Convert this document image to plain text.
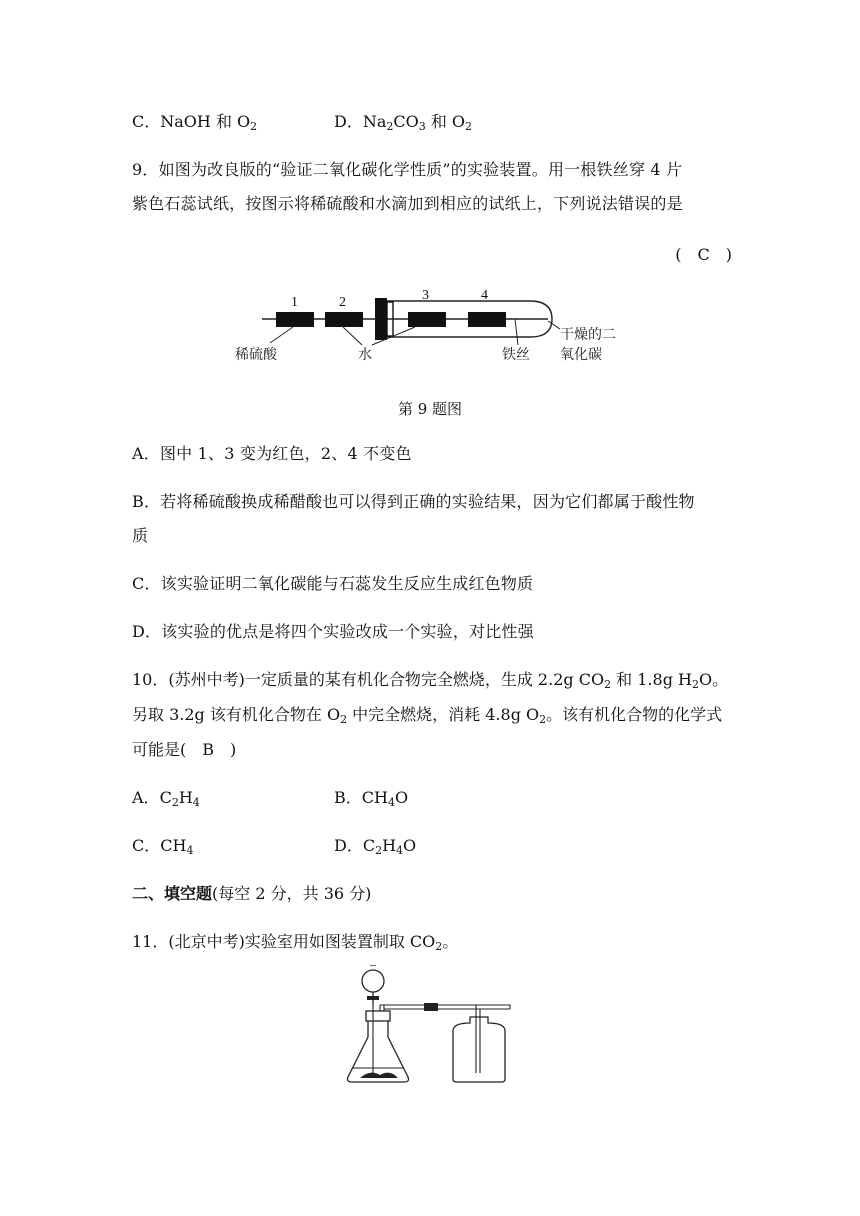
C．NaOH 和 $O_2$	D．$Na_2CO_3$ 和 $O_2$
9．如图为改良版的“验证二氧化碳化学性质”的实验装置。用一根铁丝穿 4 片
紫色石蕊试纸，按图示将稀硫酸和水滴加到相应的试纸上，下列说法错误的是
(　C　)
1	2	3	4
稀硫酸	水	铁丝
干燥的二
氧化碳
第 9 题图
A．图中 1、3 变为红色，2、4 不变色
B．若将稀硫酸换成稀醋酸也可以得到正确的实验结果，因为它们都属于酸性物
质
C．该实验证明二氧化碳能与石蕊发生反应生成红色物质
D．该实验的优点是将四个实验改成一个实验，对比性强
10．(苏州中考)一定质量的某有机化合物完全燃烧，生成 2.2g $CO_2$ 和 1.8g $H_2O$。
另取 3.2g 该有机化合物在 $O_2$ 中完全燃烧，消耗 4.8g $O_2$。该有机化合物的化学式
可能是(　B　)
A．$C_2H_4$	B．$CH_4O$
C．$CH_4$	D．$C_2H_4O$
二、填空题(每空 2 分，共 36 分)
11．(北京中考)实验室用如图装置制取 $CO_2$。
